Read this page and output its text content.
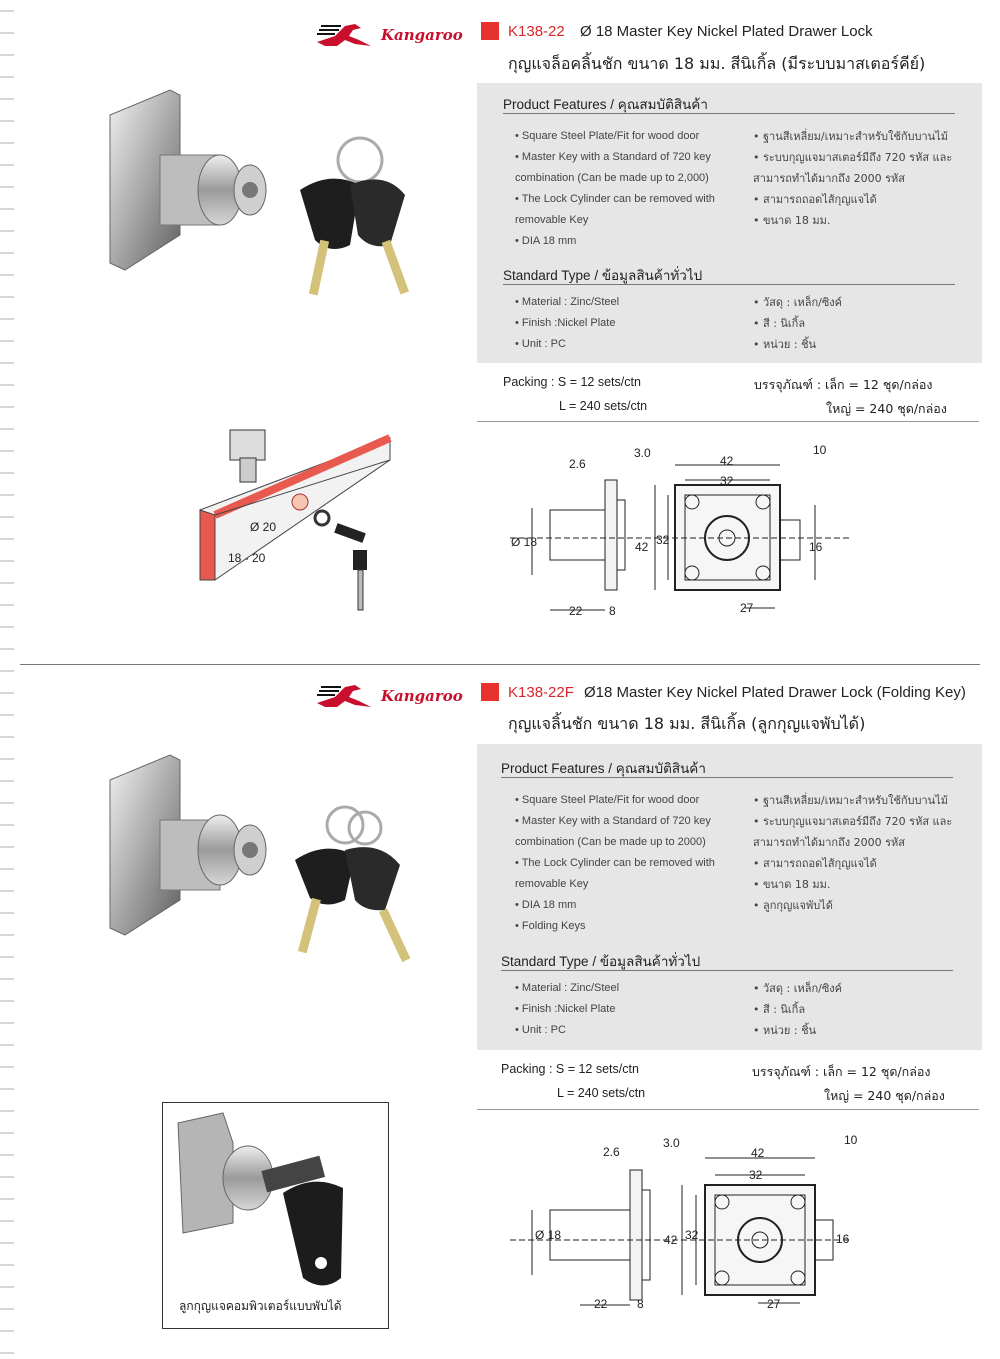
Kangaroo	K138-22 Ø 18 Master Key Nickel Plated Drawer Lock
กุญแจล็อคลิ้นชัก ขนาด 18 มม. สีนิเกิ้ล (มีระบบมาสเตอร์คีย์)
Product Features / คุณสมบัติสินค้า
• Square Steel Plate/Fit for wood door
• Master Key with a Standard of 720 key
combination (Can be made up to 2,000)
• The Lock Cylinder can be removed with
removable Key
• DIA 18 mm
• ฐานสีเหลี่ยม/เหมาะสำหรับใช้กับบานไม้
• ระบบกุญแจมาสเตอร์มีถึง 720 รหัส และ
สามารถทำได้มากถึง 2000 รหัส
• สามารถถอดไส้กุญแจได้
• ขนาด 18 มม.
Standard Type / ข้อมูลสินค้าทั่วไป
• Material : Zinc/Steel
• Finish :Nickel Plate
• Unit : PC
• วัสดุ : เหล็ก/ซิงค์
• สี : นิเกิ้ล
• หน่วย : ชิ้น
Packing : S = 12 sets/ctn
L = 240 sets/ctn
บรรจุภัณฑ์ : เล็ก = 12 ชุด/กล่อง
ใหญ่ = 240 ชุด/กล่อง
Ø 20
18 - 20
2.6
3.0
42
10
32
Ø 18	42 32	16
22 8	27
Kangaroo	K138-22F Ø18 Master Key Nickel Plated Drawer Lock (Folding Key)
กุญแจลิ้นชัก ขนาด 18 มม. สีนิเกิ้ล (ลูกกุญแจพับได้)
Product Features / คุณสมบัติสินค้า
• Square Steel Plate/Fit for wood door
• Master Key with a Standard of 720 key
combination (Can be made up to 2000)
• The Lock Cylinder can be removed with
removable Key
• DIA 18 mm
• Folding Keys
• ฐานสีเหลี่ยม/เหมาะสำหรับใช้กับบานไม้
• ระบบกุญแจมาสเตอร์มีถึง 720 รหัส และ
สามารถทำได้มากถึง 2000 รหัส
• สามารถถอดไส้กุญแจได้
• ขนาด 18 มม.
• ลูกกุญแจพับได้
Standard Type / ข้อมูลสินค้าทั่วไป
• Material : Zinc/Steel
• Finish :Nickel Plate
• Unit : PC
• วัสดุ : เหล็ก/ซิงค์
• สี : นิเกิ้ล
• หน่วย : ชิ้น
Packing : S = 12 sets/ctn
L = 240 sets/ctn
บรรจุภัณฑ์ : เล็ก = 12 ชุด/กล่อง
ใหญ่ = 240 ชุด/กล่อง
ลูกกุญแจคอมพิวเตอร์แบบพับได้
2.6
3.0
42
10
32
Ø 18	42 32	16
22 8	27
